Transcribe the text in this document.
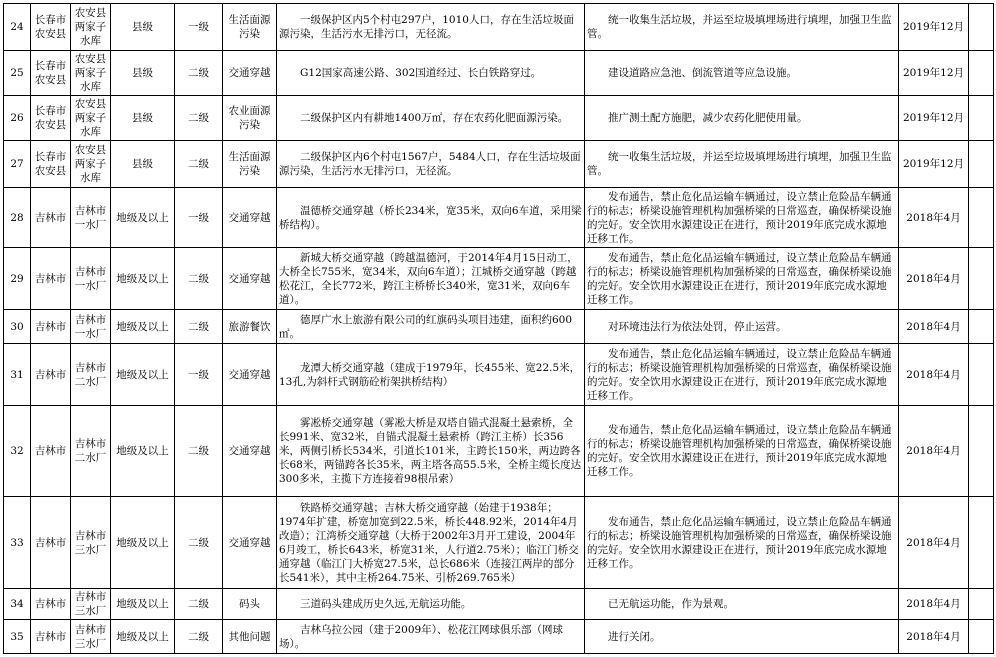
24	长春市农安县	农安县两家子水库	县级	一级	生活面源污染	一级保护区内5个村屯297户，1010人口，存在生活垃圾面源污染，生活污水无排污口，无径流。	统一收集生活垃圾，并运至垃圾填埋场进行填埋，加强卫生监管。	2019年12月	
25	长春市农安县	农安县两家子水库	县级	二级	交通穿越	G12国家高速公路、302国道经过、长白铁路穿过。	建设道路应急池、倒流管道等应急设施。	2019年12月	
26	长春市农安县	农安县两家子水库	县级	二级	农业面源污染	二级保护区内有耕地1400万㎡，存在农药化肥面源污染。	推广测土配方施肥，减少农药化肥使用量。	2019年12月	
27	长春市农安县	农安县两家子水库	县级	二级	生活面源污染	二级保护区内6个村屯1567户，5484人口，存在生活垃圾面源污染，生活污水无排污口，无径流。	统一收集生活垃圾，并运至垃圾填埋场进行填埋，加强卫生监管。	2019年12月	
28	吉林市	吉林市一水厂	地级及以上	一级	交通穿越	温德桥交通穿越（桥长234米，宽35米，双向6车道，采用梁桥结构）。	发布通告，禁止危化品运输车辆通过，设立禁止危险品车辆通行的标志；桥梁设施管理机构加强桥梁的日常巡查，确保桥梁设施的完好。安全饮用水源建设正在进行，预计2019年底完成水源地迁移工作。	2018年4月	
29	吉林市	吉林市一水厂	地级及以上	二级	交通穿越	新城大桥交通穿越（跨越温德河，于2014年4月15日动工，大桥全长755米，宽34米，双向6车道）；江城桥交通穿越（跨越松花江，全长772米，跨江主桥桥长340米，宽31米，双向6车道）。	发布通告，禁止危化品运输车辆通过，设立禁止危险品车辆通行的标志；桥梁设施管理机构加强桥梁的日常巡查，确保桥梁设施的完好。安全饮用水源建设正在进行，预计2019年底完成水源地迁移工作。	2018年4月	
30	吉林市	吉林市一水厂	地级及以上	二级	旅游餐饮	德厚广水上旅游有限公司的红旗码头项目违建，面积约600㎡。	对环境违法行为依法处罚，停止运营。	2018年4月	
31	吉林市	吉林市二水厂	地级及以上	一级	交通穿越	龙潭大桥交通穿越（建成于1979年，长455米、宽22.5米，13孔,为斜杆式钢筋砼桁架拱桥结构）	发布通告，禁止危化品运输车辆通过，设立禁止危险品车辆通行的标志；桥梁设施管理机构加强桥梁的日常巡查，确保桥梁设施的完好。安全饮用水源建设正在进行，预计2019年底完成水源地迁移工作。	2018年4月	
32	吉林市	吉林市二水厂	地级及以上	二级	交通穿越	雾凇桥交通穿越（雾凇大桥是双塔自锚式混凝土悬索桥，全长991米、宽32米，自锚式混凝土悬索桥（跨江主桥）长356米，两侧引桥长534米，引道长101米，主跨长150米，两边跨各长68米，两锚跨各长35米，两主塔各高55.5米，全桥主缆长度达300多米，主揽下方连接着98根吊索）	发布通告，禁止危化品运输车辆通过，设立禁止危险品车辆通行的标志；桥梁设施管理机构加强桥梁的日常巡查，确保桥梁设施的完好。安全饮用水源建设正在进行，预计2019年底完成水源地迁移工作。	2018年4月	
33	吉林市	吉林市三水厂	地级及以上	二级	交通穿越	铁路桥交通穿越；吉林大桥交通穿越（始建于1938年；1974年扩建，桥宽加宽到22.5米，桥长448.92米，2014年4月改造）；江湾桥交通穿越（大桥于2002年3月开工建设，2004年6月竣工，桥长643米，桥宽31米，人行道2.75米）；临江门桥交通穿越（临江门大桥宽27.5米，总长686米（连接江两岸的部分长541米），其中主桥264.75米、引桥269.765米）	发布通告，禁止危化品运输车辆通过，设立禁止危险品车辆通行的标志；桥梁设施管理机构加强桥梁的日常巡查，确保桥梁设施的完好。安全饮用水源建设正在进行，预计2019年底完成水源地迁移工作。	2018年4月	
34	吉林市	吉林市三水厂	地级及以上	二级	码头	三道码头建成历史久远,无航运功能。	已无航运功能，作为景观。	2018年4月	
35	吉林市	吉林市三水厂	地级及以上	二级	其他问题	吉林乌拉公园（建于2009年）、松花江网球俱乐部（网球场）。	进行关闭。	2018年4月	
